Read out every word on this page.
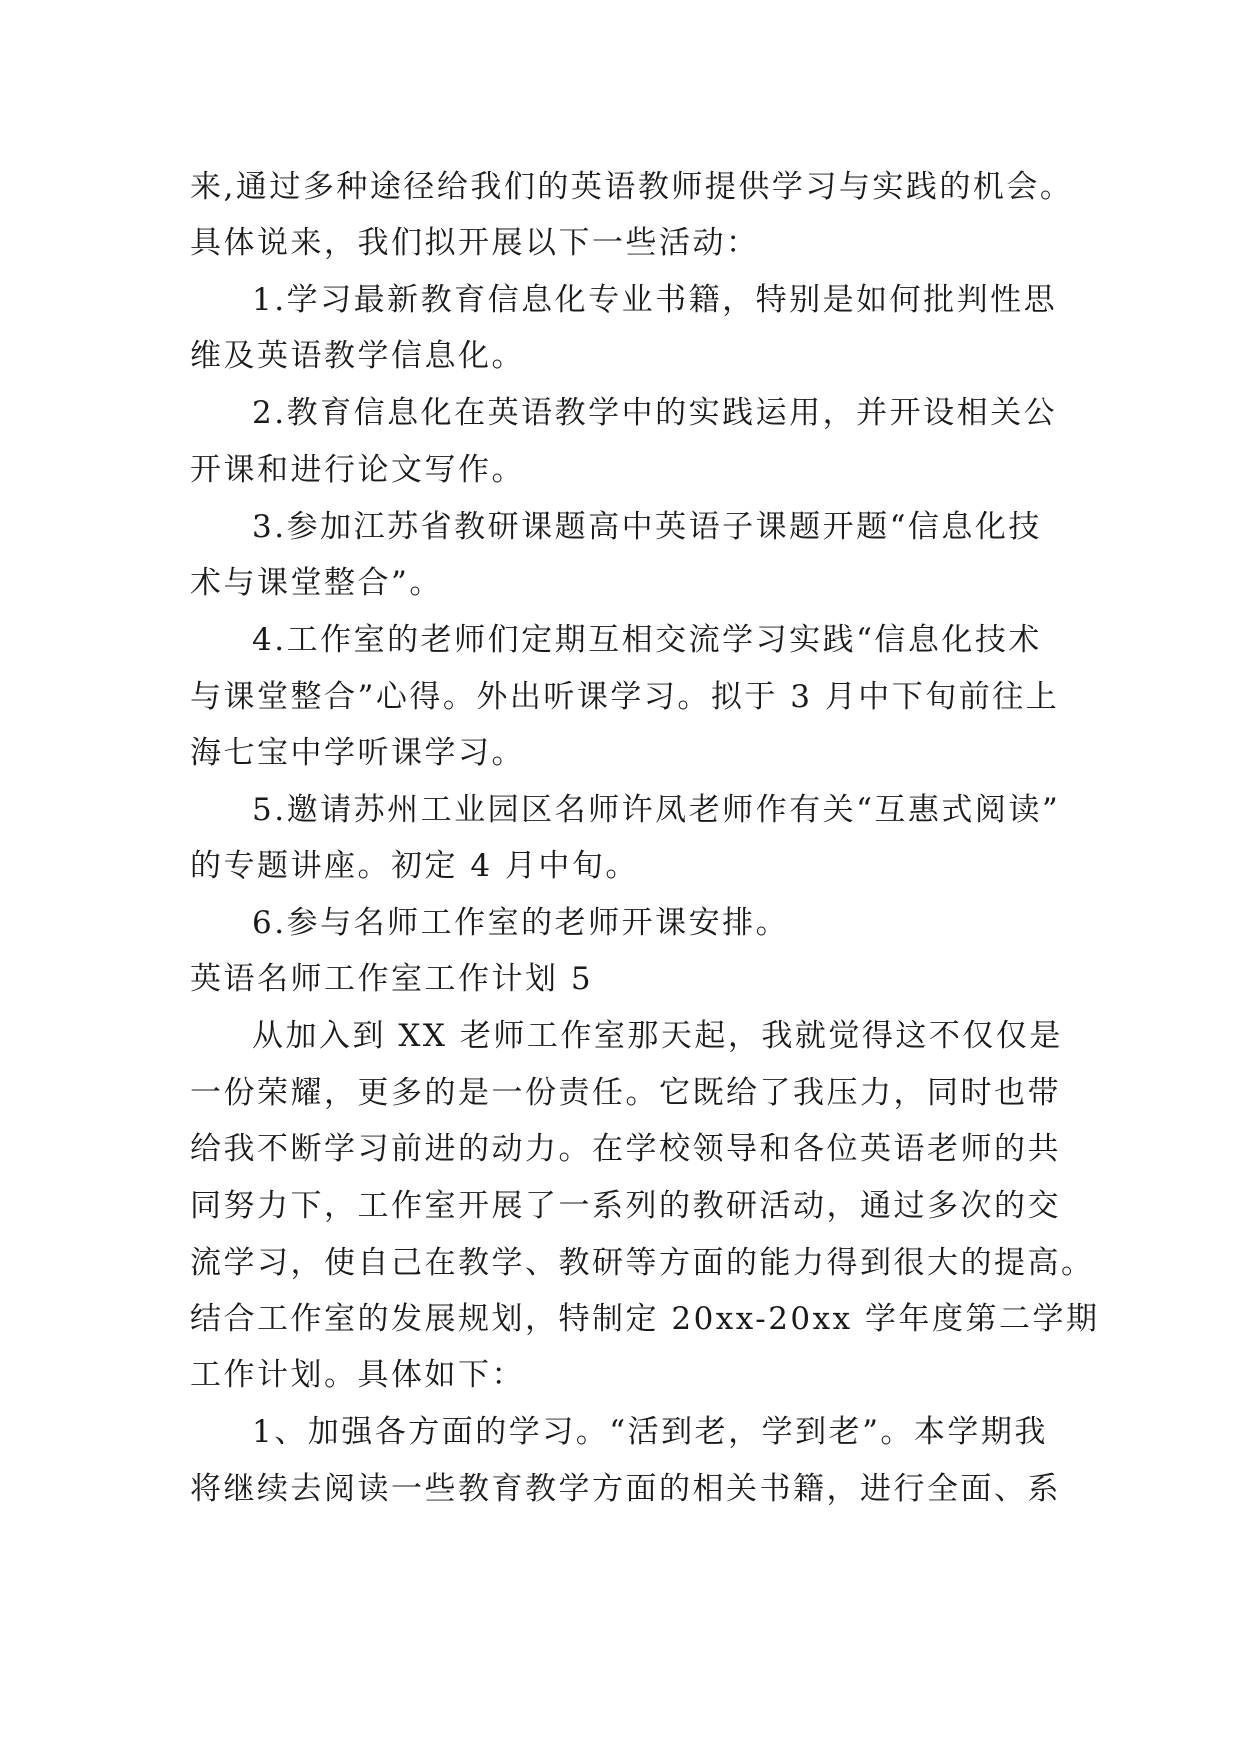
来,通过多种途径给我们的英语教师提供学习与实践的机会。
具体说来，我们拟开展以下一些活动：
1.学习最新教育信息化专业书籍，特别是如何批判性思
维及英语教学信息化。
2.教育信息化在英语教学中的实践运用，并开设相关公
开课和进行论文写作。
3.参加江苏省教研课题高中英语子课题开题“信息化技
术与课堂整合”。
4.工作室的老师们定期互相交流学习实践“信息化技术
与课堂整合”心得。外出听课学习。拟于 3 月中下旬前往上
海七宝中学听课学习。
5.邀请苏州工业园区名师许凤老师作有关“互惠式阅读”
的专题讲座。初定 4 月中旬。
6.参与名师工作室的老师开课安排。
英语名师工作室工作计划 5
从加入到 XX 老师工作室那天起，我就觉得这不仅仅是
一份荣耀，更多的是一份责任。它既给了我压力，同时也带
给我不断学习前进的动力。在学校领导和各位英语老师的共
同努力下，工作室开展了一系列的教研活动，通过多次的交
流学习，使自己在教学、教研等方面的能力得到很大的提高。
结合工作室的发展规划，特制定 20xx-20xx 学年度第二学期
工作计划。具体如下：
1、加强各方面的学习。“活到老，学到老”。本学期我
将继续去阅读一些教育教学方面的相关书籍，进行全面、系
